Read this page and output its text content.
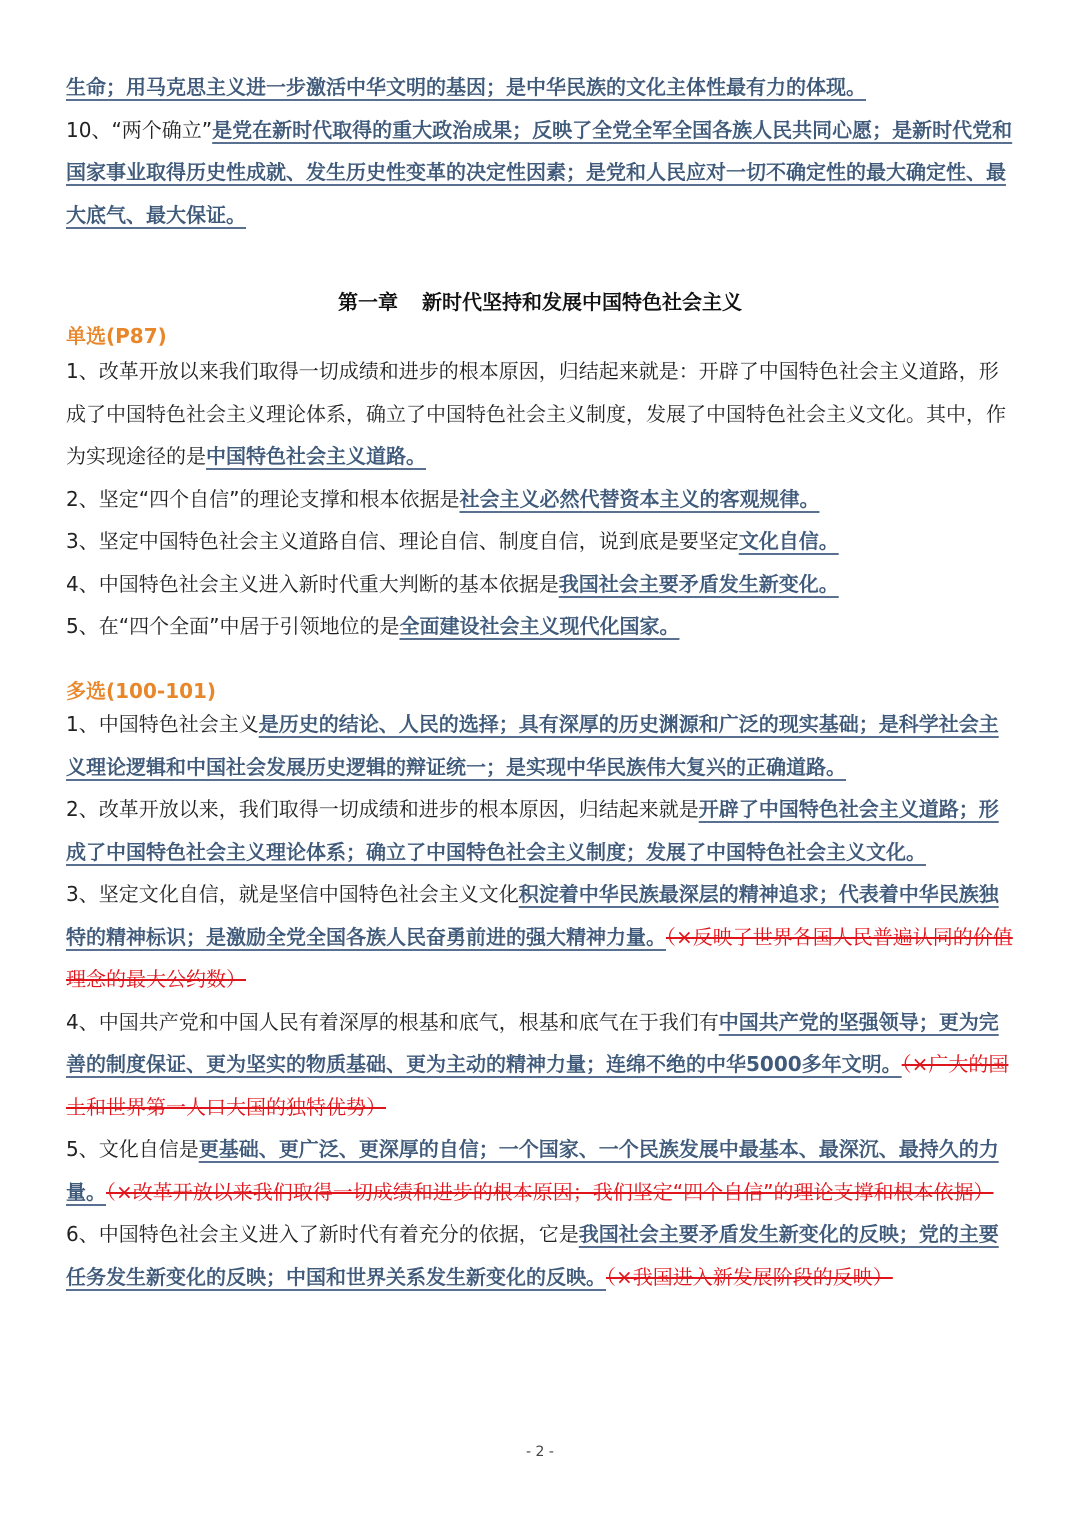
生命；用马克思主义进一步激活中华文明的基因；是中华民族的文化主体性最有力的体现。
10、“两个确立”是党在新时代取得的重大政治成果；反映了全党全军全国各族人民共同心愿；是新时代党和国家事业取得历史性成就、发生历史性变革的决定性因素；是党和人民应对一切不确定性的最大确定性、最大底气、最大保证。
第一章 新时代坚持和发展中国特色社会主义
单选(P87)
1、改革开放以来我们取得一切成绩和进步的根本原因，归结起来就是：开辟了中国特色社会主义道路，形成了中国特色社会主义理论体系，确立了中国特色社会主义制度，发展了中国特色社会主义文化。其中，作为实现途径的是中国特色社会主义道路。
2、坚定“四个自信”的理论支撑和根本依据是社会主义必然代替资本主义的客观规律。
3、坚定中国特色社会主义道路自信、理论自信、制度自信，说到底是要坚定文化自信。
4、中国特色社会主义进入新时代重大判断的基本依据是我国社会主要矛盾发生新变化。
5、在“四个全面”中居于引领地位的是全面建设社会主义现代化国家。
多选(100-101)
1、中国特色社会主义是历史的结论、人民的选择；具有深厚的历史渊源和广泛的现实基础；是科学社会主义理论逻辑和中国社会发展历史逻辑的辩证统一；是实现中华民族伟大复兴的正确道路。
2、改革开放以来，我们取得一切成绩和进步的根本原因，归结起来就是开辟了中国特色社会主义道路；形成了中国特色社会主义理论体系；确立了中国特色社会主义制度；发展了中国特色社会主义文化。
3、坚定文化自信，就是坚信中国特色社会主义文化积淀着中华民族最深层的精神追求；代表着中华民族独特的精神标识；是激励全党全国各族人民奋勇前进的强大精神力量。（×反映了世界各国人民普遍认同的价值理念的最大公约数）
4、中国共产党和中国人民有着深厚的根基和底气，根基和底气在于我们有中国共产党的坚强领导；更为完善的制度保证、更为坚实的物质基础、更为主动的精神力量；连绵不绝的中华5000多年文明。（×广大的国土和世界第一人口大国的独特优势）
5、文化自信是更基础、更广泛、更深厚的自信；一个国家、一个民族发展中最基本、最深沉、最持久的力量。（×改革开放以来我们取得一切成绩和进步的根本原因；我们坚定“四个自信”的理论支撑和根本依据）
6、中国特色社会主义进入了新时代有着充分的依据，它是我国社会主要矛盾发生新变化的反映；党的主要任务发生新变化的反映；中国和世界关系发生新变化的反映。（×我国进入新发展阶段的反映）
- 2 -
